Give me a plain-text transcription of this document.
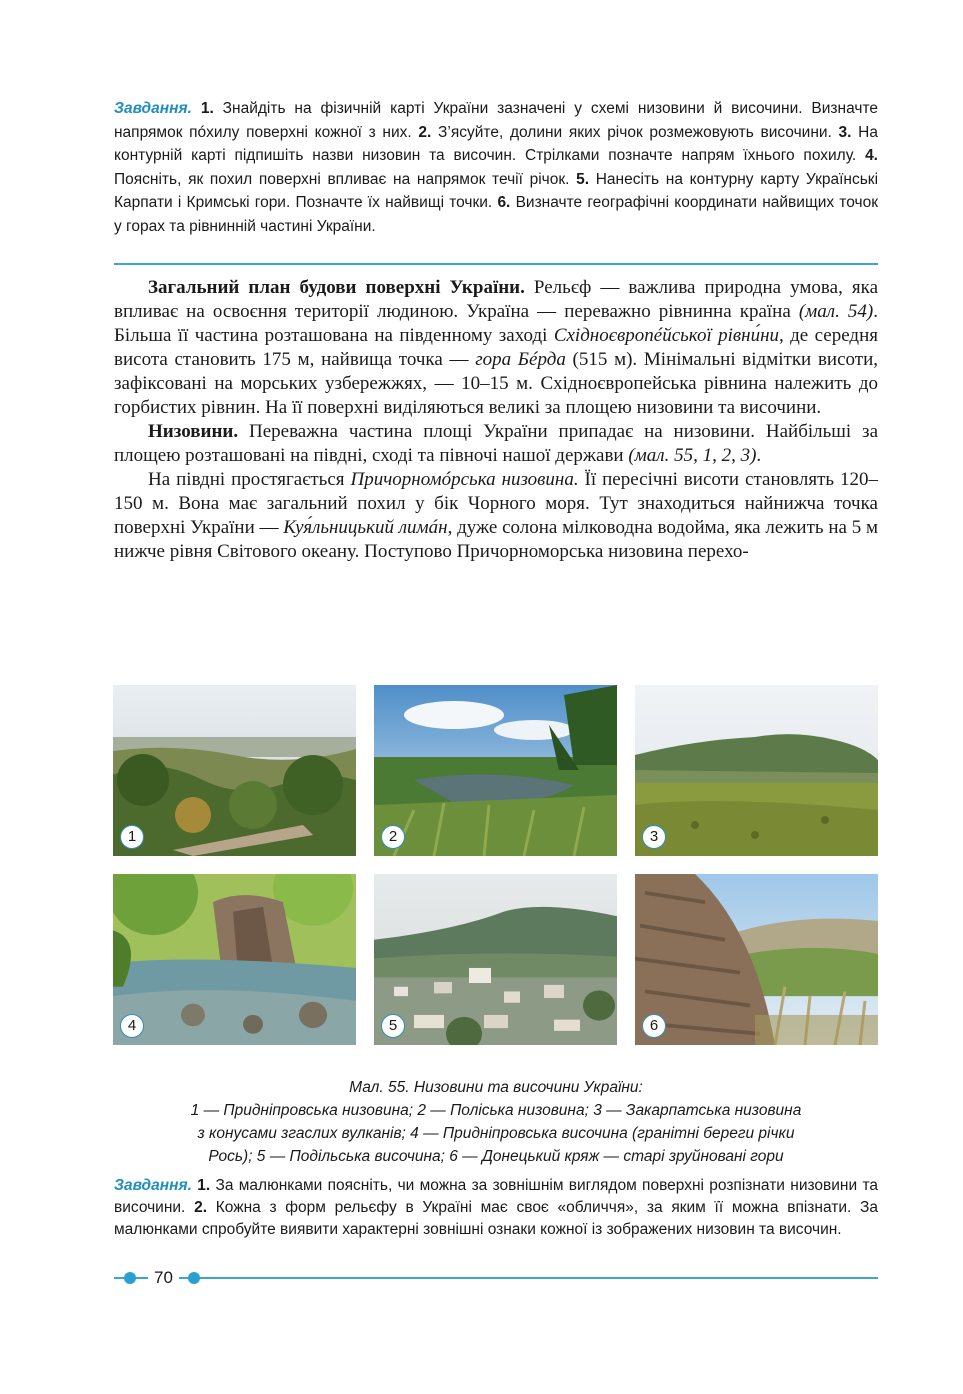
Завдання. 1. Знайдіть на фізичній карті України зазначені у схемі низовини й височини. Визначте напрямок пóхилу поверхні кожної з них. 2. З’ясуйте, долини яких річок розмежовують височини. 3. На контурній карті підпишіть назви низовин та височин. Стрілками позначте напрям їхнього похилу. 4. Поясніть, як похил поверхні впливає на напрямок течії річок. 5. Нанесіть на контурну карту Українські Карпати і Кримські гори. Позначте їх найвищі точки. 6. Визначте географічні координати найвищих точок у горах та рівнинній частині України.

Загальний план будови поверхні України. Рельєф — важлива природна умова, яка впливає на освоєння території людиною. Україна — переважно рівнинна країна (мал. 54). Більша її частина розташована на південному заході Східноєвропéйської рівни́ни, де середня висота становить 175 м, найвища точка — гора Бéрда (515 м). Мінімальні відмітки висоти, зафіксовані на морських узбережжях, — 10–15 м. Східноєвропейська рівнина належить до горбистих рівнин. На її поверхні виділяються великі за площею низовини та височини.

Низовини. Переважна частина площі України припадає на низовини. Найбільші за площею розташовані на півдні, сході та півночі нашої держави (мал. 55, 1, 2, 3).

На півдні простягається Причорномóрська низовина. Її пересічні висоти становлять 120–150 м. Вона має загальний похил у бік Чорного моря. Тут знаходиться найнижча точка поверхні України — Куя́льницький лимáн, дуже солона мілководна водойма, яка лежить на 5 м нижче рівня Світового океану. Поступово Причорноморська низовина перехо-

1	2	3
4	5	6
Мал. 55. Низовини та височини України:
1 — Придніпровська низовина; 2 — Поліська низовина; 3 — Закарпатська низовина
з конусами згаслих вулканів; 4 — Придніпровська височина (гранітні береги річки
Рось); 5 — Подільська височина; 6 — Донецький кряж — старі зруйновані гори
Завдання. 1. За малюнками поясніть, чи можна за зовнішнім виглядом поверхні розпізнати низовини та височини. 2. Кожна з форм рельєфу в Україні має своє «обличчя», за яким її можна впізнати. За малюнками спробуйте виявити характерні зовнішні ознаки кожної із зображених низовин та височин.
70
